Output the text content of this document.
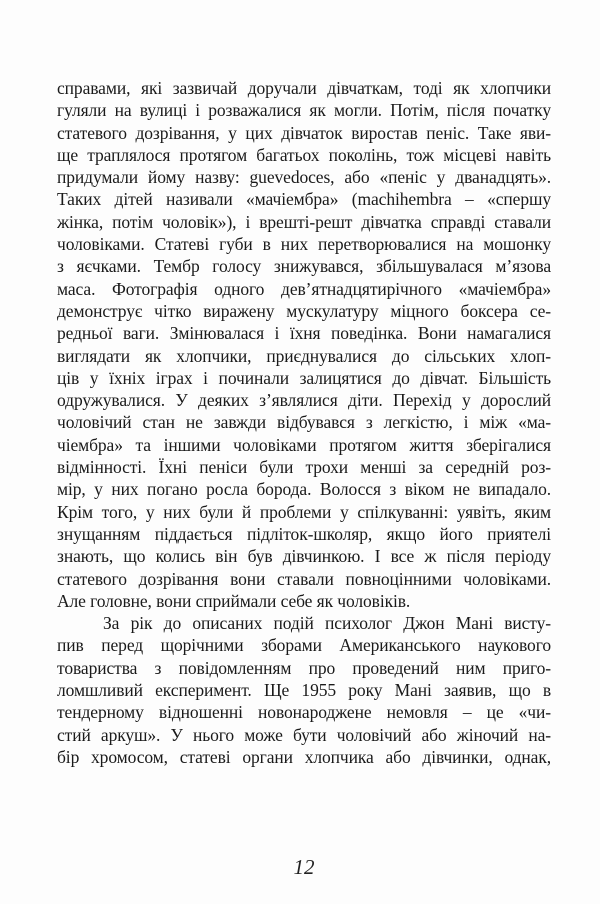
справами, які зазвичай доручали дівчаткам, тоді як хлопчики
гуляли на вулиці і розважалися як могли. Потім, після початку
статевого дозрівання, у цих дівчаток виростав пеніс. Таке яви-
ще траплялося протягом багатьох поколінь, тож місцеві навіть
придумали йому назву: guevedoces, або «пеніс у дванадцять».
Таких дітей називали «мачіембра» (machihembra – «спершу
жінка, потім чоловік»), і врешті-решт дівчатка справді ставали
чоловіками. Статеві губи в них перетворювалися на мошонку
з яєчками. Тембр голосу знижувався, збільшувалася м’язова
маса. Фотографія одного дев’ятнадцятирічного «мачіембра»
демонструє чітко виражену мускулатуру міцного боксера се-
редньої ваги. Змінювалася і їхня поведінка. Вони намагалися
виглядати як хлопчики, приєднувалися до сільських хлоп-
ців у їхніх іграх і починали залицятися до дівчат. Більшість
одружувалися. У деяких з’являлися діти. Перехід у дорослий
чоловічий стан не завжди відбувався з легкістю, і між «ма-
чіембра» та іншими чоловіками протягом життя зберігалися
відмінності. Їхні пеніси були трохи менші за середній роз-
мір, у них погано росла борода. Волосся з віком не випадало.
Крім того, у них були й проблеми у спілкуванні: уявіть, яким
знущанням піддається підліток-школяр, якщо його приятелі
знають, що колись він був дівчинкою. І все ж після періоду
статевого дозрівання вони ставали повноцінними чоловіками.
Але головне, вони сприймали себе як чоловіків.
За рік до описаних подій психолог Джон Мані висту-
пив перед щорічними зборами Американського наукового
товариства з повідомленням про проведений ним приго-
ломшливий експеримент. Ще 1955 року Мані заявив, що в
тендерному відношенні новонароджене немовля – це «чи-
стий аркуш». У нього може бути чоловічий або жіночий на-
бір хромосом, статеві органи хлопчика або дівчинки, однак,
12
